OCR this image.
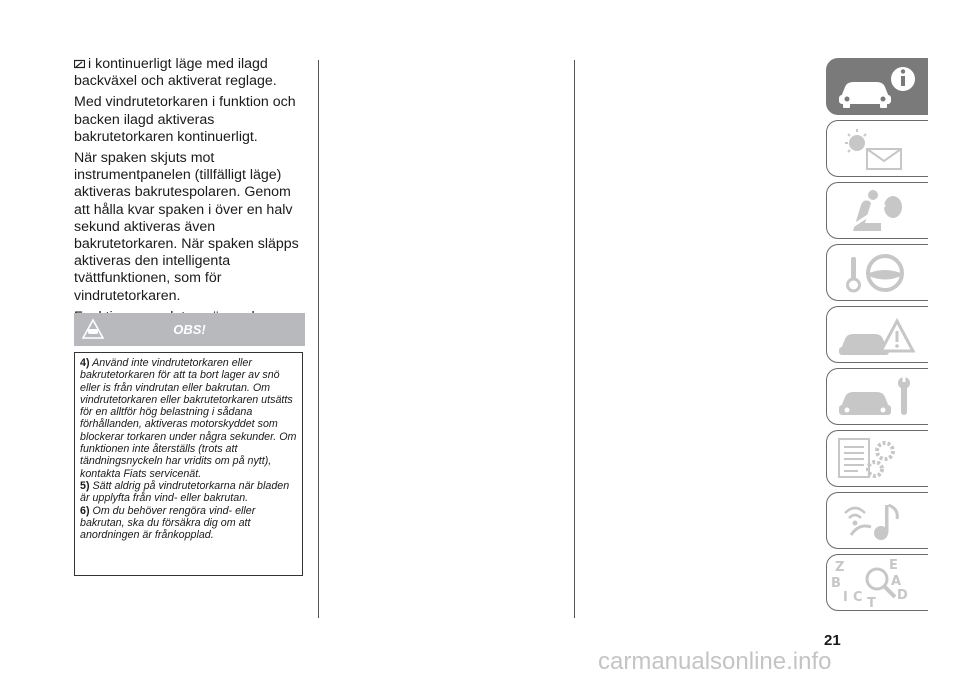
i kontinuerligt läge med ilagd backväxel och aktiverat reglage.

Med vindrutetorkaren i funktion och backen ilagd aktiveras bakrutetorkaren kontinuerligt.

När spaken skjuts mot instrumentpanelen (tillfälligt läge) aktiveras bakrutespolaren. Genom att hålla kvar spaken i över en halv sekund aktiveras även bakrutetorkaren. När spaken släpps aktiveras den intelligenta tvättfunktionen, som för vindrutetorkaren.

OBS!

4) Använd inte vindrutetorkaren eller bakrutetorkaren för att ta bort lager av snö eller is från vindrutan eller bakrutan. Om vindrutetorkaren eller bakrutetorkaren utsätts för en alltför hög belastning i sådana förhållanden, aktiveras motorskyddet som blockerar torkaren under några sekunder. Om funktionen inte återställs (trots att tändningsnyckeln har vridits om på nytt), kontakta Fiats servicenät.

5) Sätt aldrig på vindrutetorkarna när bladen är upplyfta från vind- eller bakrutan.

6) Om du behöver rengöra vind- eller bakrutan, ska du försäkra dig om att anordningen är frånkopplad.

Z	E
B	A
I C T
D
21
carmanualsonline.info
